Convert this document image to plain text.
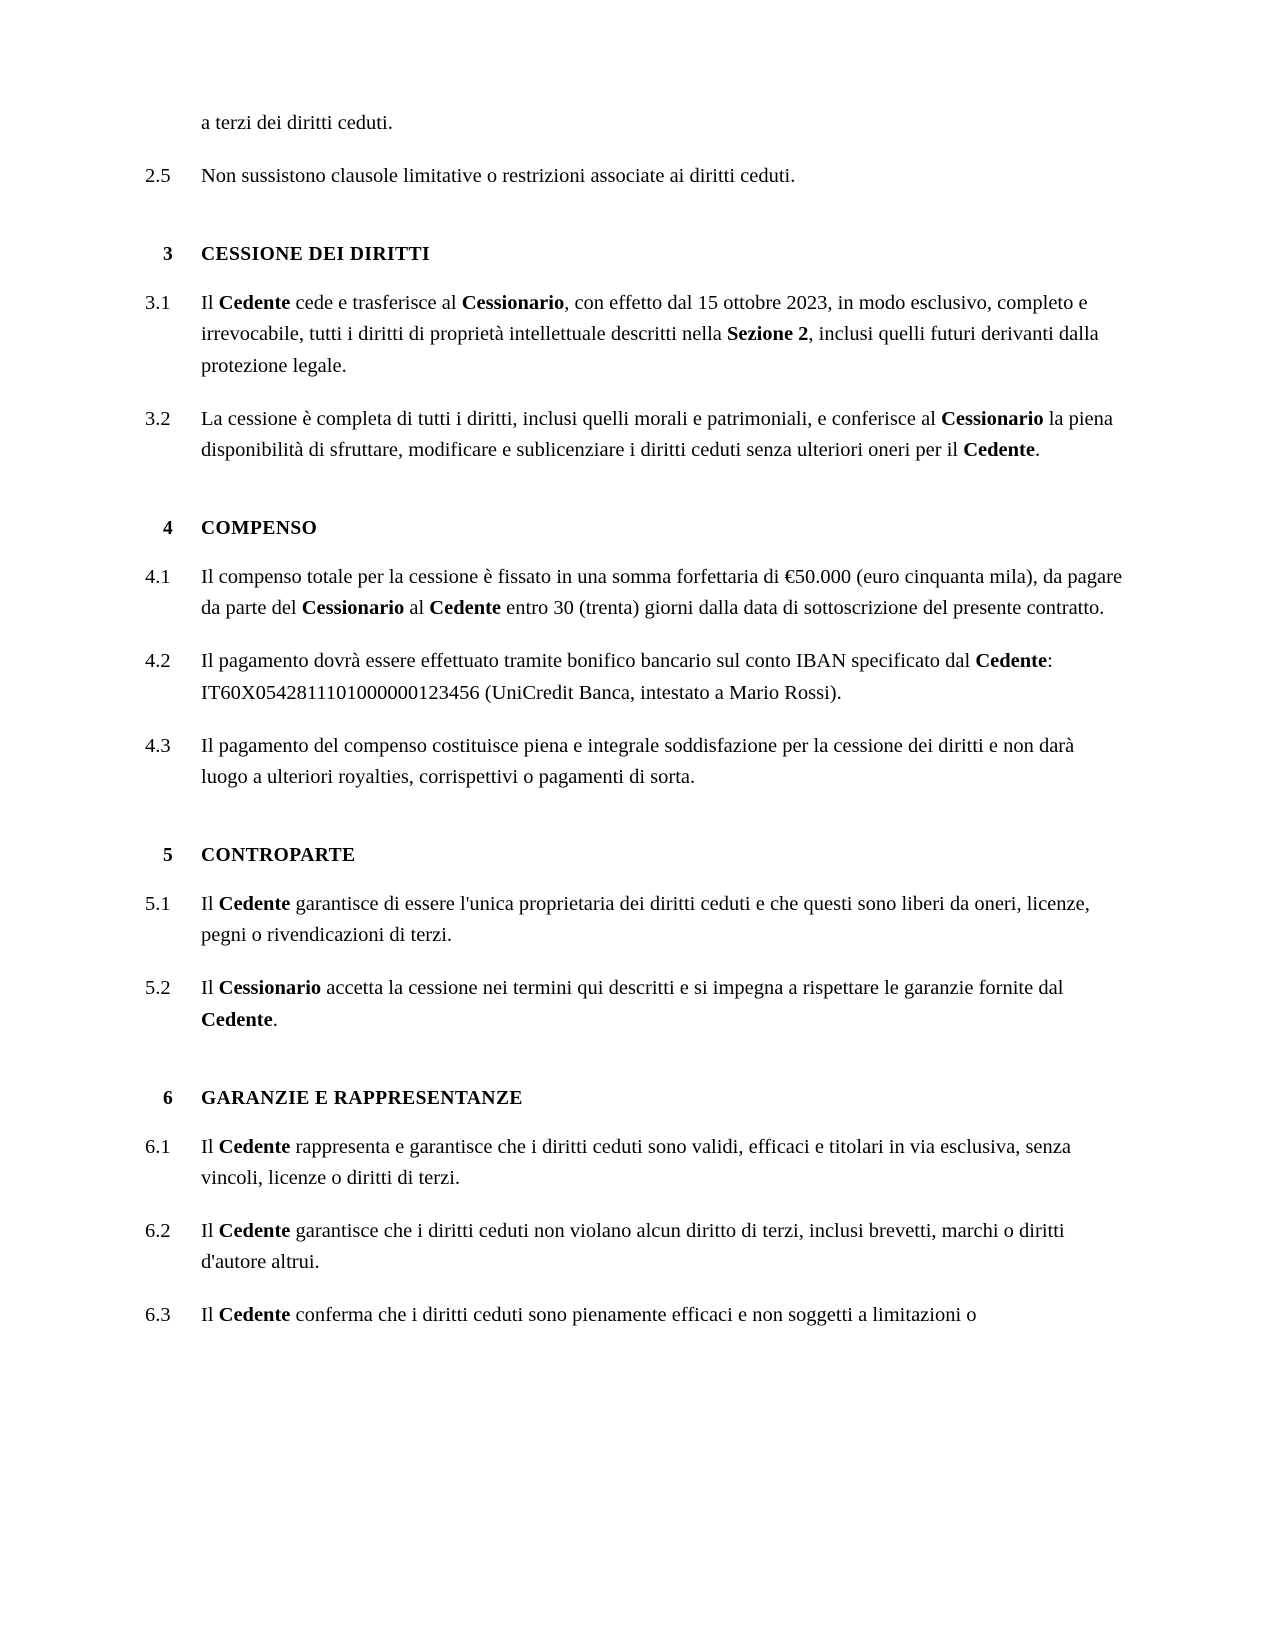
a terzi dei diritti ceduti.
2.5	Non sussistono clausole limitative o restrizioni associate ai diritti ceduti.
3	CESSIONE DEI DIRITTI
3.1	Il Cedente cede e trasferisce al Cessionario, con effetto dal 15 ottobre 2023, in modo esclusivo, completo e irrevocabile, tutti i diritti di proprietà intellettuale descritti nella Sezione 2, inclusi quelli futuri derivanti dalla protezione legale.
3.2	La cessione è completa di tutti i diritti, inclusi quelli morali e patrimoniali, e conferisce al Cessionario la piena disponibilità di sfruttare, modificare e sublicenziare i diritti ceduti senza ulteriori oneri per il Cedente.
4	COMPENSO
4.1	Il compenso totale per la cessione è fissato in una somma forfettaria di €50.000 (euro cinquanta mila), da pagare da parte del Cessionario al Cedente entro 30 (trenta) giorni dalla data di sottoscrizione del presente contratto.
4.2	Il pagamento dovrà essere effettuato tramite bonifico bancario sul conto IBAN specificato dal Cedente: IT60X0542811101000000123456 (UniCredit Banca, intestato a Mario Rossi).
4.3	Il pagamento del compenso costituisce piena e integrale soddisfazione per la cessione dei diritti e non darà luogo a ulteriori royalties, corrispettivi o pagamenti di sorta.
5	CONTROPARTE
5.1	Il Cedente garantisce di essere l'unica proprietaria dei diritti ceduti e che questi sono liberi da oneri, licenze, pegni o rivendicazioni di terzi.
5.2	Il Cessionario accetta la cessione nei termini qui descritti e si impegna a rispettare le garanzie fornite dal Cedente.
6	GARANZIE E RAPPRESENTANZE
6.1	Il Cedente rappresenta e garantisce che i diritti ceduti sono validi, efficaci e titolari in via esclusiva, senza vincoli, licenze o diritti di terzi.
6.2	Il Cedente garantisce che i diritti ceduti non violano alcun diritto di terzi, inclusi brevetti, marchi o diritti d'autore altrui.
6.3	Il Cedente conferma che i diritti ceduti sono pienamente efficaci e non soggetti a limitazioni o
